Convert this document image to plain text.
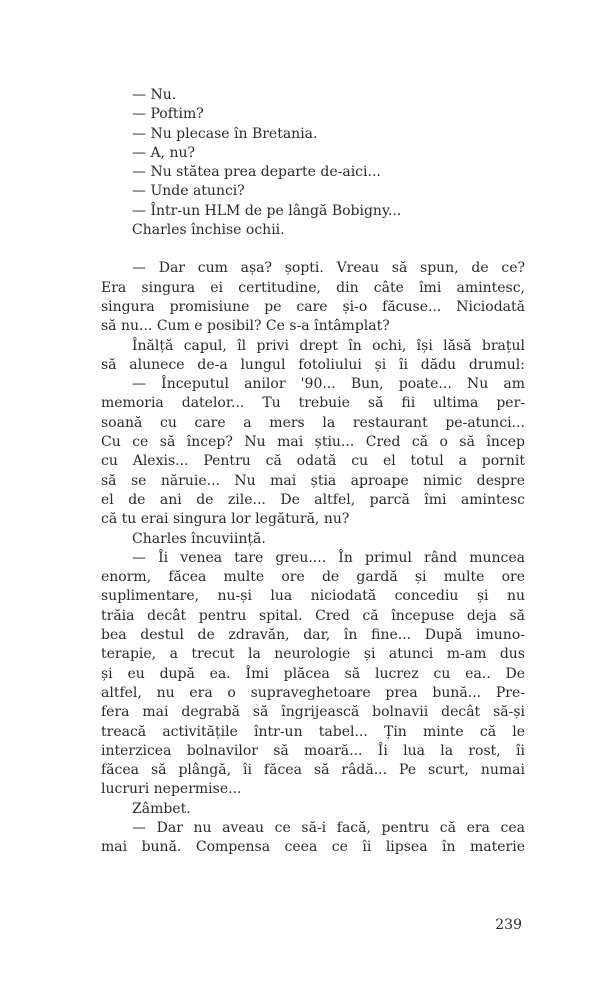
— Nu.
— Poftim?
— Nu plecase în Bretania.
— A, nu?
— Nu stătea prea departe de-aici...
— Unde atunci?
— Într-un HLM de pe lângă Bobigny...
Charles închise ochii.
— Dar cum așa? șopti. Vreau să spun, de ce?
Era singura ei certitudine, din câte îmi amintesc,
singura promisiune pe care și-o făcuse... Niciodată
să nu... Cum e posibil? Ce s-a întâmplat?
Înălță capul, îl privi drept în ochi, își lăsă brațul
să alunece de-a lungul fotoliului și îi dădu drumul:
— Începutul anilor '90... Bun, poate... Nu am
memoria datelor... Tu trebuie să fii ultima per-
soană cu care a mers la restaurant pe-atunci...
Cu ce să încep? Nu mai știu... Cred că o să încep
cu Alexis... Pentru că odată cu el totul a pornit
să se năruie... Nu mai știa aproape nimic despre
el de ani de zile... De altfel, parcă îmi amintesc
că tu erai singura lor legătură, nu?
Charles încuviință.
— Îi venea tare greu.... În primul rând muncea
enorm, făcea multe ore de gardă și multe ore
suplimentare, nu-și lua niciodată concediu și nu
trăia decât pentru spital. Cred că începuse deja să
bea destul de zdravăn, dar, în fine... După imuno-
terapie, a trecut la neurologie și atunci m-am dus
și eu după ea. Îmi plăcea să lucrez cu ea.. De
altfel, nu era o supraveghetoare prea bună... Pre-
fera mai degrabă să îngrijească bolnavii decât să-și
treacă activitățile într-un tabel... Țin minte că le
interzicea bolnavilor să moară... Îi lua la rost, îi
făcea să plângă, îi făcea să râdă... Pe scurt, numai
lucruri nepermise...
Zâmbet.
— Dar nu aveau ce să-i facă, pentru că era cea
mai bună. Compensa ceea ce îi lipsea în materie
239
